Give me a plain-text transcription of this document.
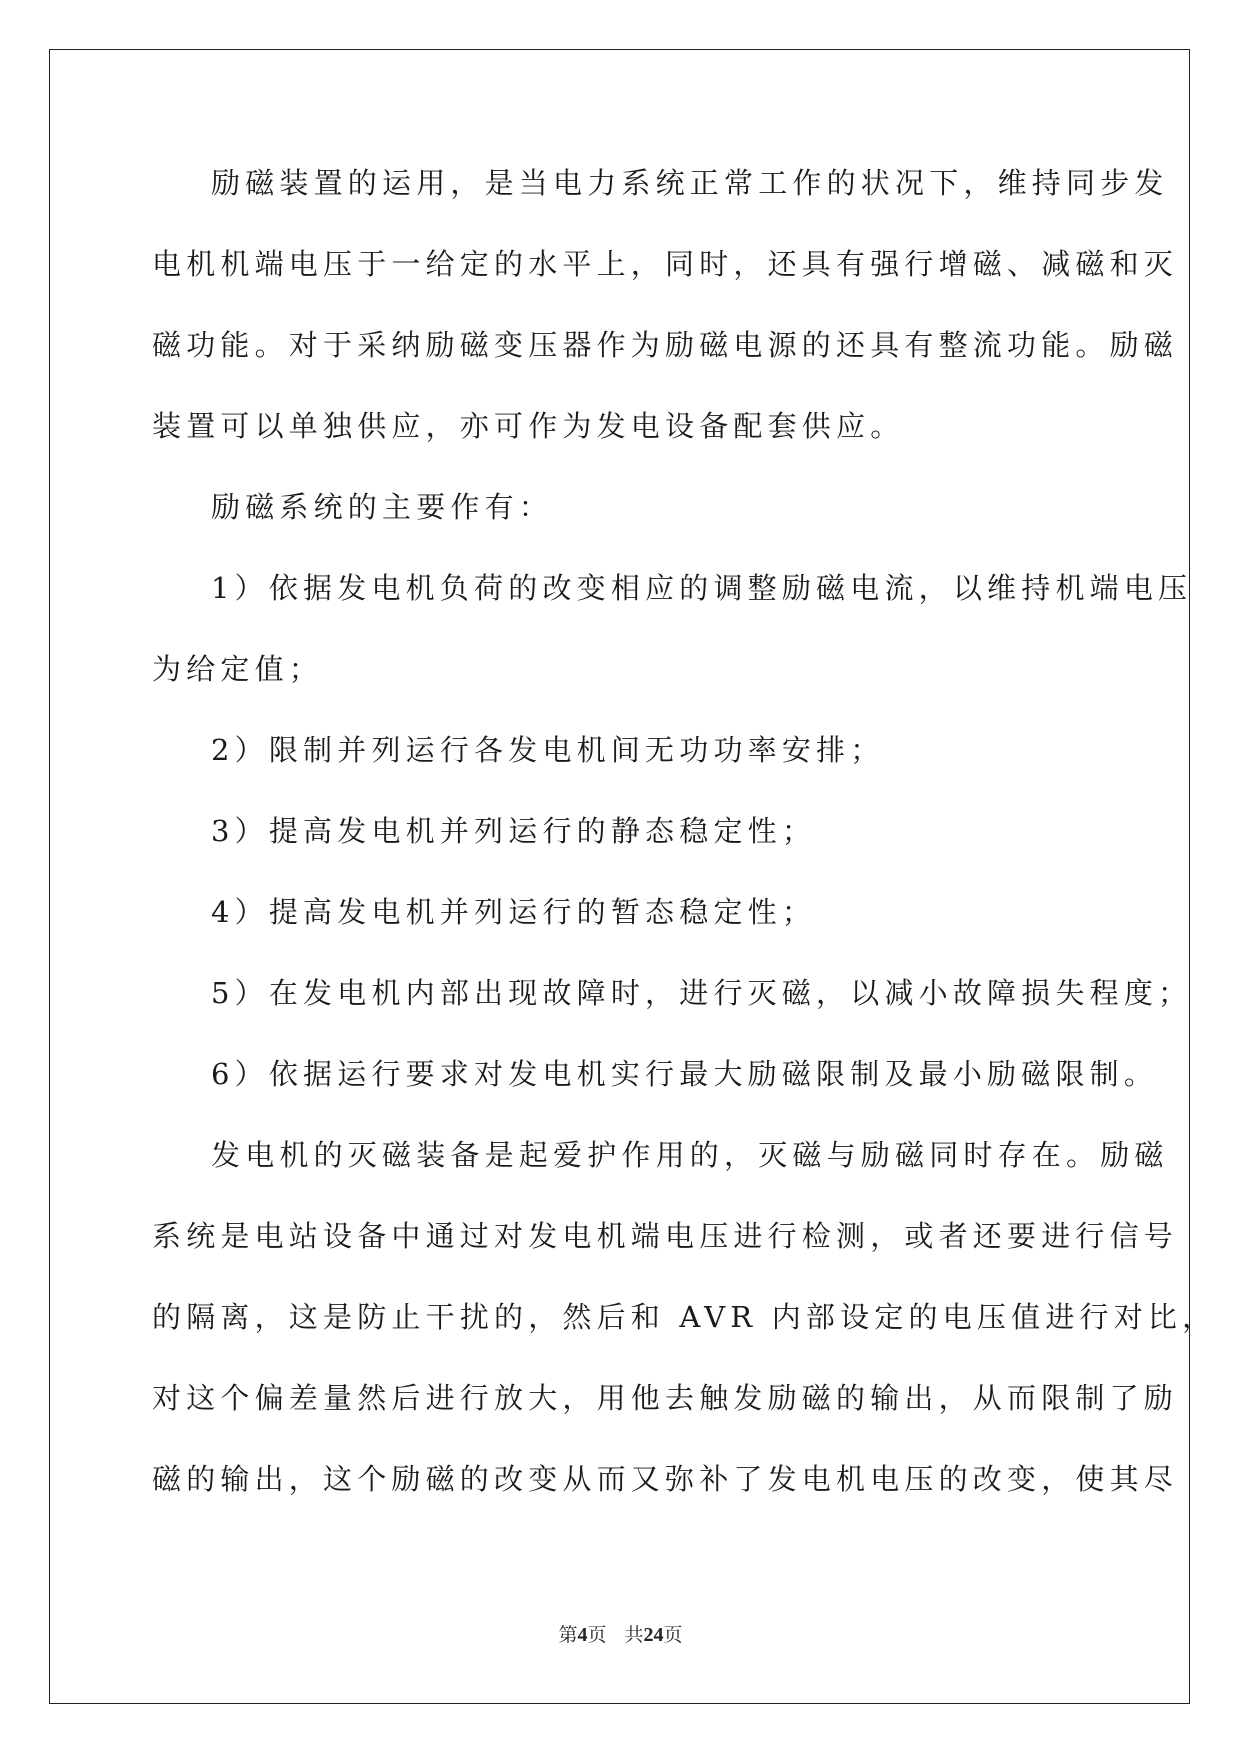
励磁装置的运用，是当电力系统正常工作的状况下，维持同步发
电机机端电压于一给定的水平上，同时，还具有强行增磁、减磁和灭
磁功能。对于采纳励磁变压器作为励磁电源的还具有整流功能。励磁
装置可以单独供应，亦可作为发电设备配套供应。
励磁系统的主要作有：
1）依据发电机负荷的改变相应的调整励磁电流，以维持机端电压
为给定值；
2）限制并列运行各发电机间无功功率安排；
3）提高发电机并列运行的静态稳定性；
4）提高发电机并列运行的暂态稳定性；
5）在发电机内部出现故障时，进行灭磁，以减小故障损失程度；
6）依据运行要求对发电机实行最大励磁限制及最小励磁限制。
发电机的灭磁装备是起爱护作用的，灭磁与励磁同时存在。励磁
系统是电站设备中通过对发电机端电压进行检测，或者还要进行信号
的隔离，这是防止干扰的，然后和 AVR 内部设定的电压值进行对比，
对这个偏差量然后进行放大，用他去触发励磁的输出，从而限制了励
磁的输出，这个励磁的改变从而又弥补了发电机电压的改变，使其尽
第4页 共24页
